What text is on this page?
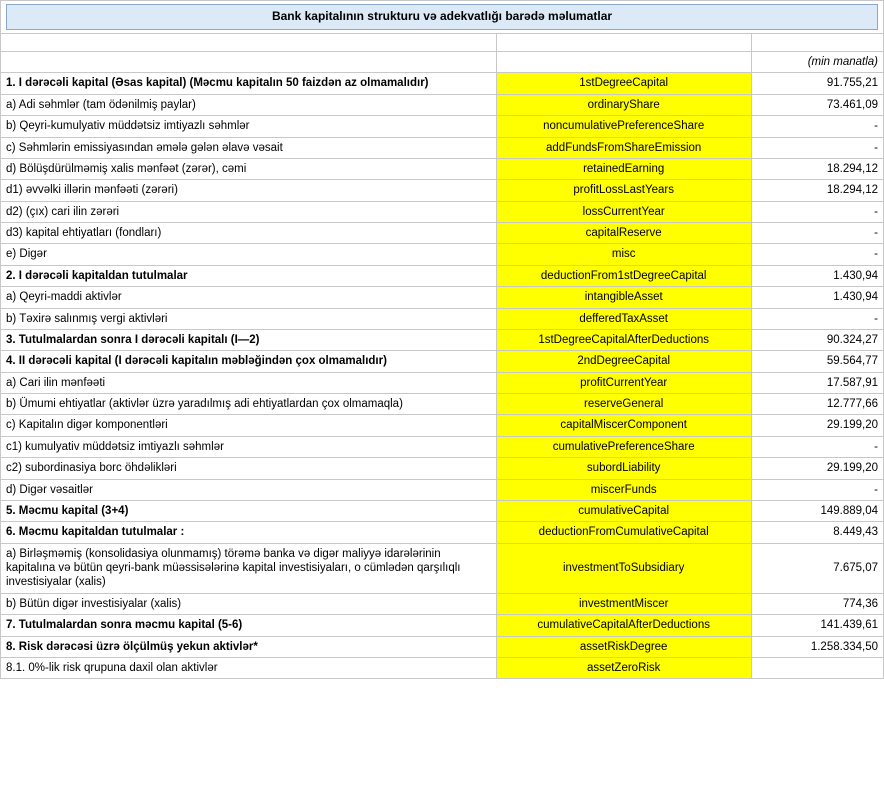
Bank kapitalının strukturu və adekvatlığı barədə məlumatlar		

		(min manatla)
1. I dərəcəli kapital (Əsas kapital) (Məcmu kapitalın 50 faizdən az olmamalıdır)	1stDegreeCapital	91.755,21
a) Adi səhmlər (tam ödənilmiş paylar)	ordinaryShare	73.461,09
b) Qeyri-kumulyativ müddətsiz imtiyazlı səhmlər	noncumulativePreferenceShare	-
c) Səhmlərin emissiyasından əmələ gələn əlavə vəsait	addFundsFromShareEmission	-
d) Bölüşdürülməmiş xalis mənfəət (zərər), cəmi	retainedEarning	18.294,12
d1) əvvəlki illərin mənfəəti (zərəri)	profitLossLastYears	18.294,12
d2) (çıx) cari ilin zərəri	lossCurrentYear	-
d3) kapital ehtiyatları (fondları)	capitalReserve	-
e) Digər	misc	-
2. I dərəcəli kapitaldan tutulmalar	deductionFrom1stDegreeCapital	1.430,94
a) Qeyri-maddi aktivlər	intangibleAsset	1.430,94
b) Təxirə salınmış vergi aktivləri	defferedTaxAsset	-
3. Tutulmalardan sonra I dərəcəli kapitalı (I—2)	1stDegreeCapitalAfterDeductions	90.324,27
4. II dərəcəli kapital (I dərəcəli kapitalın məbləğindən çox olmamalıdır)	2ndDegreeCapital	59.564,77
a) Cari ilin mənfəəti	profitCurrentYear	17.587,91
b) Ümumi ehtiyatlar (aktivlər üzrə yaradılmış adi ehtiyatlardan çox olmamaqla)	reserveGeneral	12.777,66
c) Kapitalın digər komponentləri	capitalMiscerComponent	29.199,20
c1) kumulyativ müddətsiz imtiyazlı səhmlər	cumulativePreferenceShare	-
c2) subordinasiya borc öhdəlikləri	subordLiability	29.199,20
d) Digər vəsaitlər	miscerFunds	-
5. Məcmu kapital (3+4)	cumulativeCapital	149.889,04
6. Məcmu kapitaldan tutulmalar :	deductionFromCumulativeCapital	8.449,43
a) Birləşməmiş (konsolidasiya olunmamış) törəmə banka və digər maliyyə idarələrinin kapitalına və bütün qeyri-bank müəssisələrinə kapital investisiyaları, o cümlədən qarşılıqlı investisiyalar (xalis)	investmentToSubsidiary	7.675,07
b) Bütün digər investisiyalar (xalis)	investmentMiscer	774,36
7. Tutulmalardan sonra məcmu kapital (5-6)	cumulativeCapitalAfterDeductions	141.439,61
8. Risk dərəcəsi üzrə ölçülmüş yekun aktivlər*	assetRiskDegree	1.258.334,50
8.1. 0%-lik risk qrupuna daxil olan aktivlər	assetZeroRisk	
